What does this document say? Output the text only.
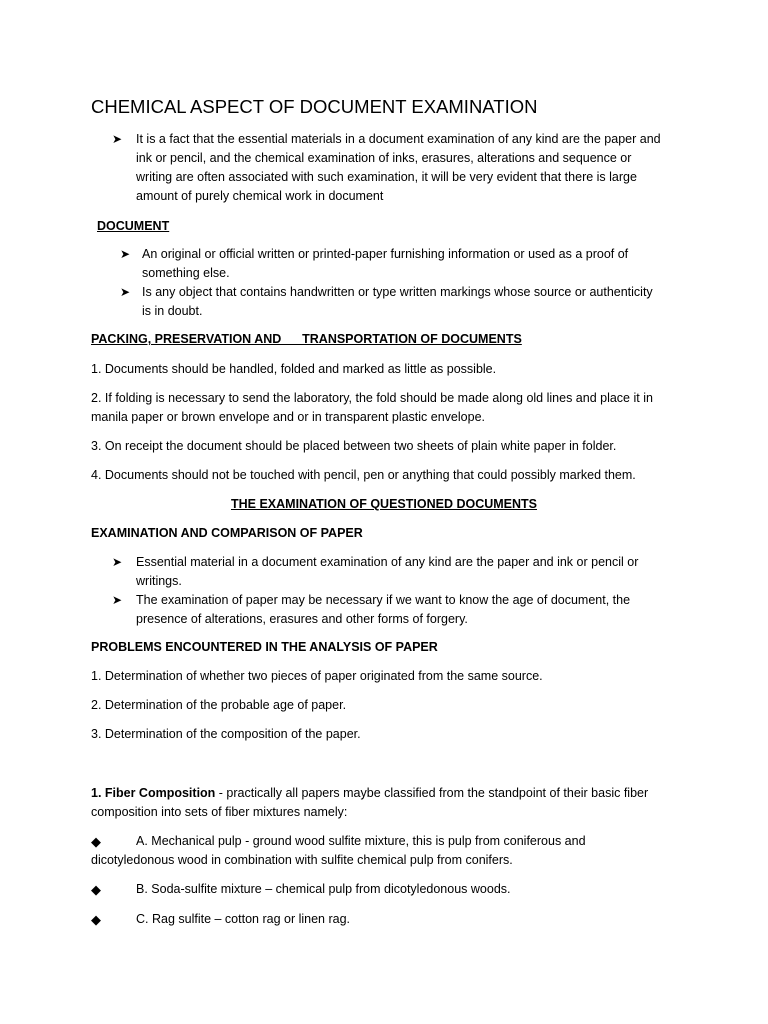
CHEMICAL ASPECT OF DOCUMENT EXAMINATION
➤ It is a fact that the essential materials in a document examination of any kind are the paper and
ink or pencil, and the chemical examination of inks, erasures, alterations and sequence or
writing are often associated with such examination, it will be very evident that there is large
amount of purely chemical work in document
DOCUMENT
➤ An original or official written or printed-paper furnishing information or used as a proof of
something else.
➤ Is any object that contains handwritten or type written markings whose source or authenticity
is in doubt.
PACKING, PRESERVATION AND      TRANSPORTATION OF DOCUMENTS
1. Documents should be handled, folded and marked as little as possible.
2. If folding is necessary to send the laboratory, the fold should be made along old lines and place it in
manila paper or brown envelope and or in transparent plastic envelope.
3. On receipt the document should be placed between two sheets of plain white paper in folder.
4. Documents should not be touched with pencil, pen or anything that could possibly marked them.
THE EXAMINATION OF QUESTIONED DOCUMENTS
EXAMINATION AND COMPARISON OF PAPER
➤ Essential material in a document examination of any kind are the paper and ink or pencil or
writings.
➤ The examination of paper may be necessary if we want to know the age of document, the
presence of alterations, erasures and other forms of forgery.
PROBLEMS ENCOUNTERED IN THE ANALYSIS OF PAPER
1. Determination of whether two pieces of paper originated from the same source.
2. Determination of the probable age of paper.
3. Determination of the composition of the paper.
1. Fiber Composition - practically all papers maybe classified from the standpoint of their basic fiber
composition into sets of fiber mixtures namely:
◆	A. Mechanical pulp - ground wood sulfite mixture, this is pulp from coniferous and
dicotyledonous wood in combination with sulfite chemical pulp from conifers.
◆	B. Soda-sulfite mixture – chemical pulp from dicotyledonous woods.
◆	C. Rag sulfite – cotton rag or linen rag.
